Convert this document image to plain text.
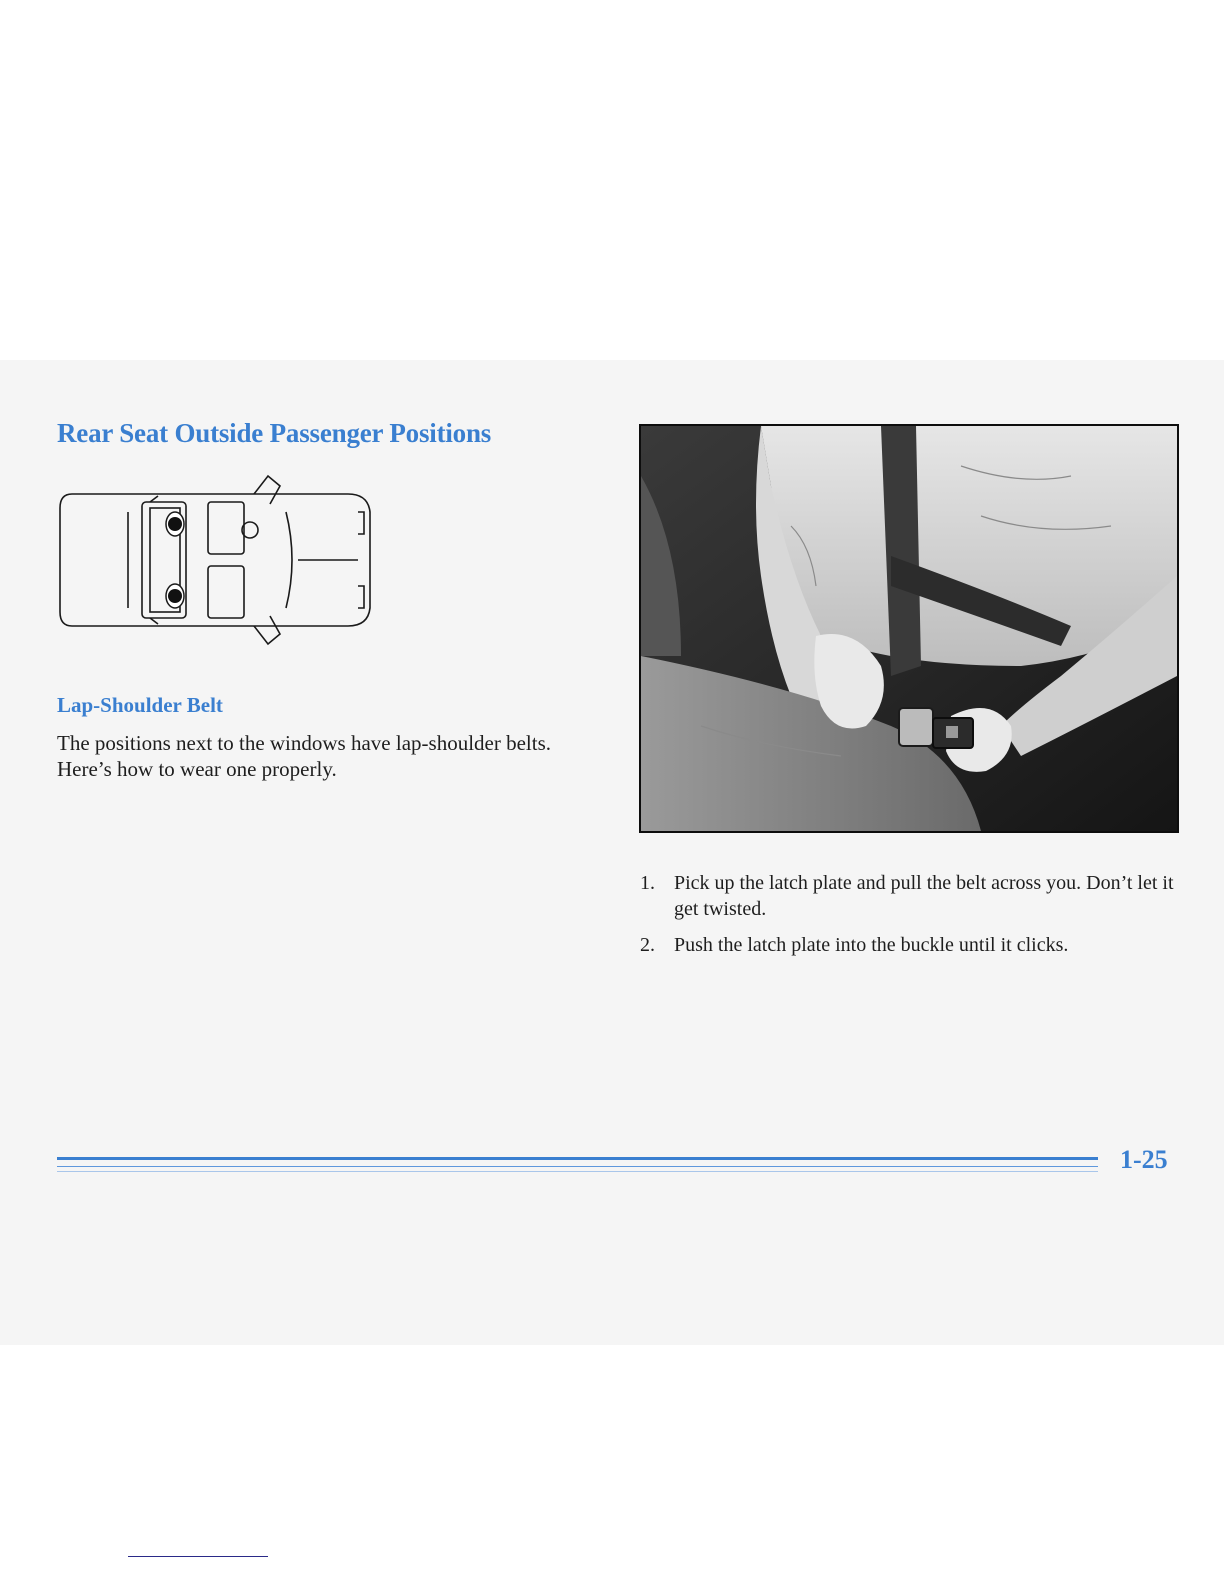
Rear Seat Outside Passenger Positions
Lap-Shoulder Belt

The positions next to the windows have lap-shoulder belts. Here’s how to wear one properly.

1. Pick up the latch plate and pull the belt across you. Don’t let it get twisted.
2. Push the latch plate into the buckle until it clicks.
1-25
